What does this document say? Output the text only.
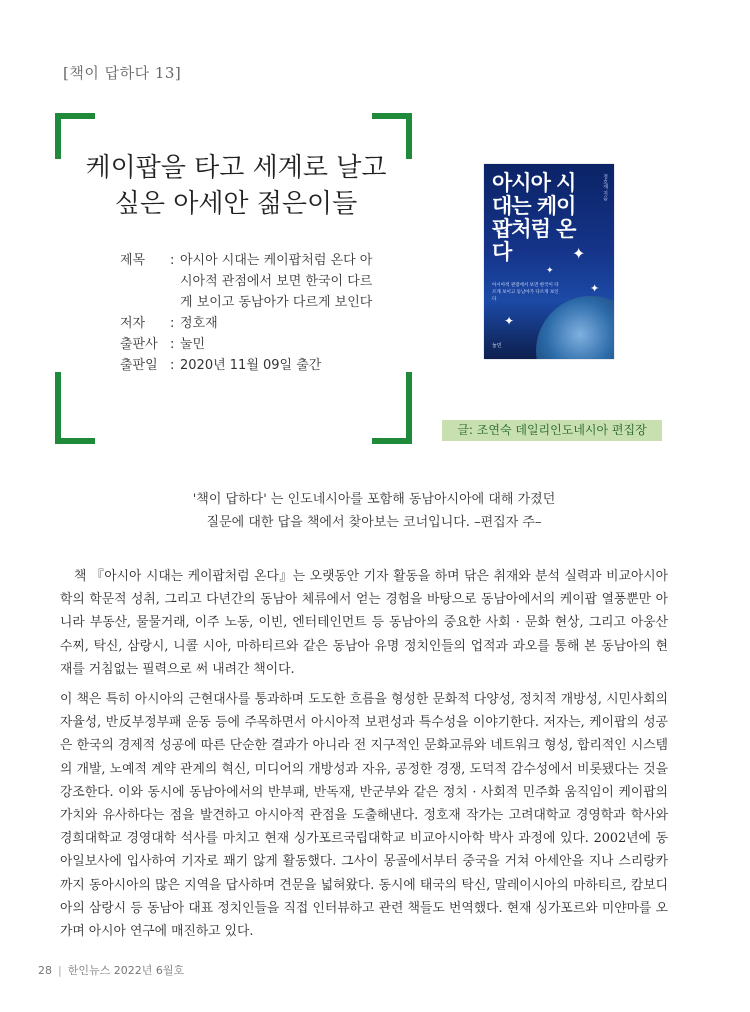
[책이 답하다 13]
케이팝을 타고 세계로 날고
싶은 아세안 젊은이들
제목	: 아시아 시대는 케이팝처럼 온다 아시아적 관점에서 보면 한국이 다르게 보이고 동남아가 다르게 보인다
저자	: 정호재
출판사 : 눌민
출판일 : 2020년 11월 09일 출간
✦
✦
✦
✦
아시아 시대는 케이팝처럼 온다
정호재 지음
아시아적 관점에서 보면 한국이 다르게 보이고 동남아가 다르게 보인다
눌민
글: 조연숙 데일리인도네시아 편집장
'책이 답하다' 는 인도네시아를 포함해 동남아시아에 대해 가졌던
질문에 대한 답을 책에서 찾아보는 코너입니다. –편집자 주–
책 『아시아 시대는 케이팝처럼 온다』는 오랫동안 기자 활동을 하며 닦은 취재와 분석 실력과 비교아시아학의 학문적 성취, 그리고 다년간의 동남아 체류에서 얻는 경험을 바탕으로 동남아에서의 케이팝 열풍뿐만 아니라 부동산, 물물거래, 이주 노동, 이빈, 엔터테인먼트 등 동남아의 중요한 사회 · 문화 현상, 그리고 아웅산 수찌, 탁신, 삼랑시, 니콜 시아, 마하티르와 같은 동남아 유명 정치인들의 업적과 과오를 통해 본 동남아의 현재를 거침없는 필력으로 써 내려간 책이다.
이 책은 특히 아시아의 근현대사를 통과하며 도도한 흐름을 형성한 문화적 다양성, 정치적 개방성, 시민사회의 자율성, 반反부정부패 운동 등에 주목하면서 아시아적 보편성과 특수성을 이야기한다. 저자는, 케이팝의 성공은 한국의 경제적 성공에 따른 단순한 결과가 아니라 전 지구적인 문화교류와 네트워크 형성, 합리적인 시스템의 개발, 노예적 계약 관계의 혁신, 미디어의 개방성과 자유, 공정한 경쟁, 도덕적 감수성에서 비롯됐다는 것을 강조한다. 이와 동시에 동남아에서의 반부패, 반독재, 반군부와 같은 정치 · 사회적 민주화 움직임이 케이팝의 가치와 유사하다는 점을 발견하고 아시아적 관점을 도출해낸다. 정호재 작가는 고려대학교 경영학과 학사와 경희대학교 경영대학 석사를 마치고 현재 싱가포르국립대학교 비교아시아학 박사 과정에 있다. 2002년에 동아일보사에 입사하여 기자로 꽤기 않게 활동했다. 그사이 몽골에서부터 중국을 거쳐 아세안을 지나 스리랑카까지 동아시아의 많은 지역을 답사하며 견문을 넓혀왔다. 동시에 태국의 탁신, 말레이시아의 마하티르, 캄보디아의 삼랑시 등 동남아 대표 정치인들을 직접 인터뷰하고 관련 책들도 번역했다. 현재 싱가포르와 미얀마를 오가며 아시아 연구에 매진하고 있다.
28 | 한인뉴스 2022년 6월호
